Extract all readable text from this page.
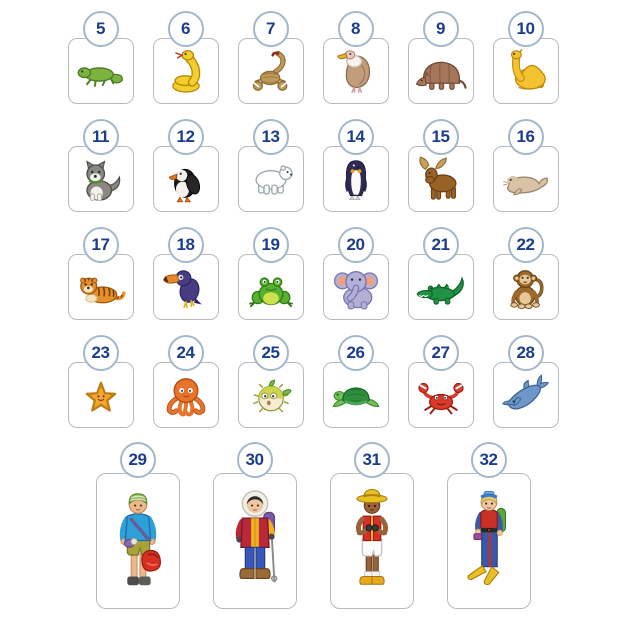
5	6	7	8	9	10
11	12	13	14	15	16
17	18	19	20	21	22
23	24	25	26	27	28
29	30	31	32
